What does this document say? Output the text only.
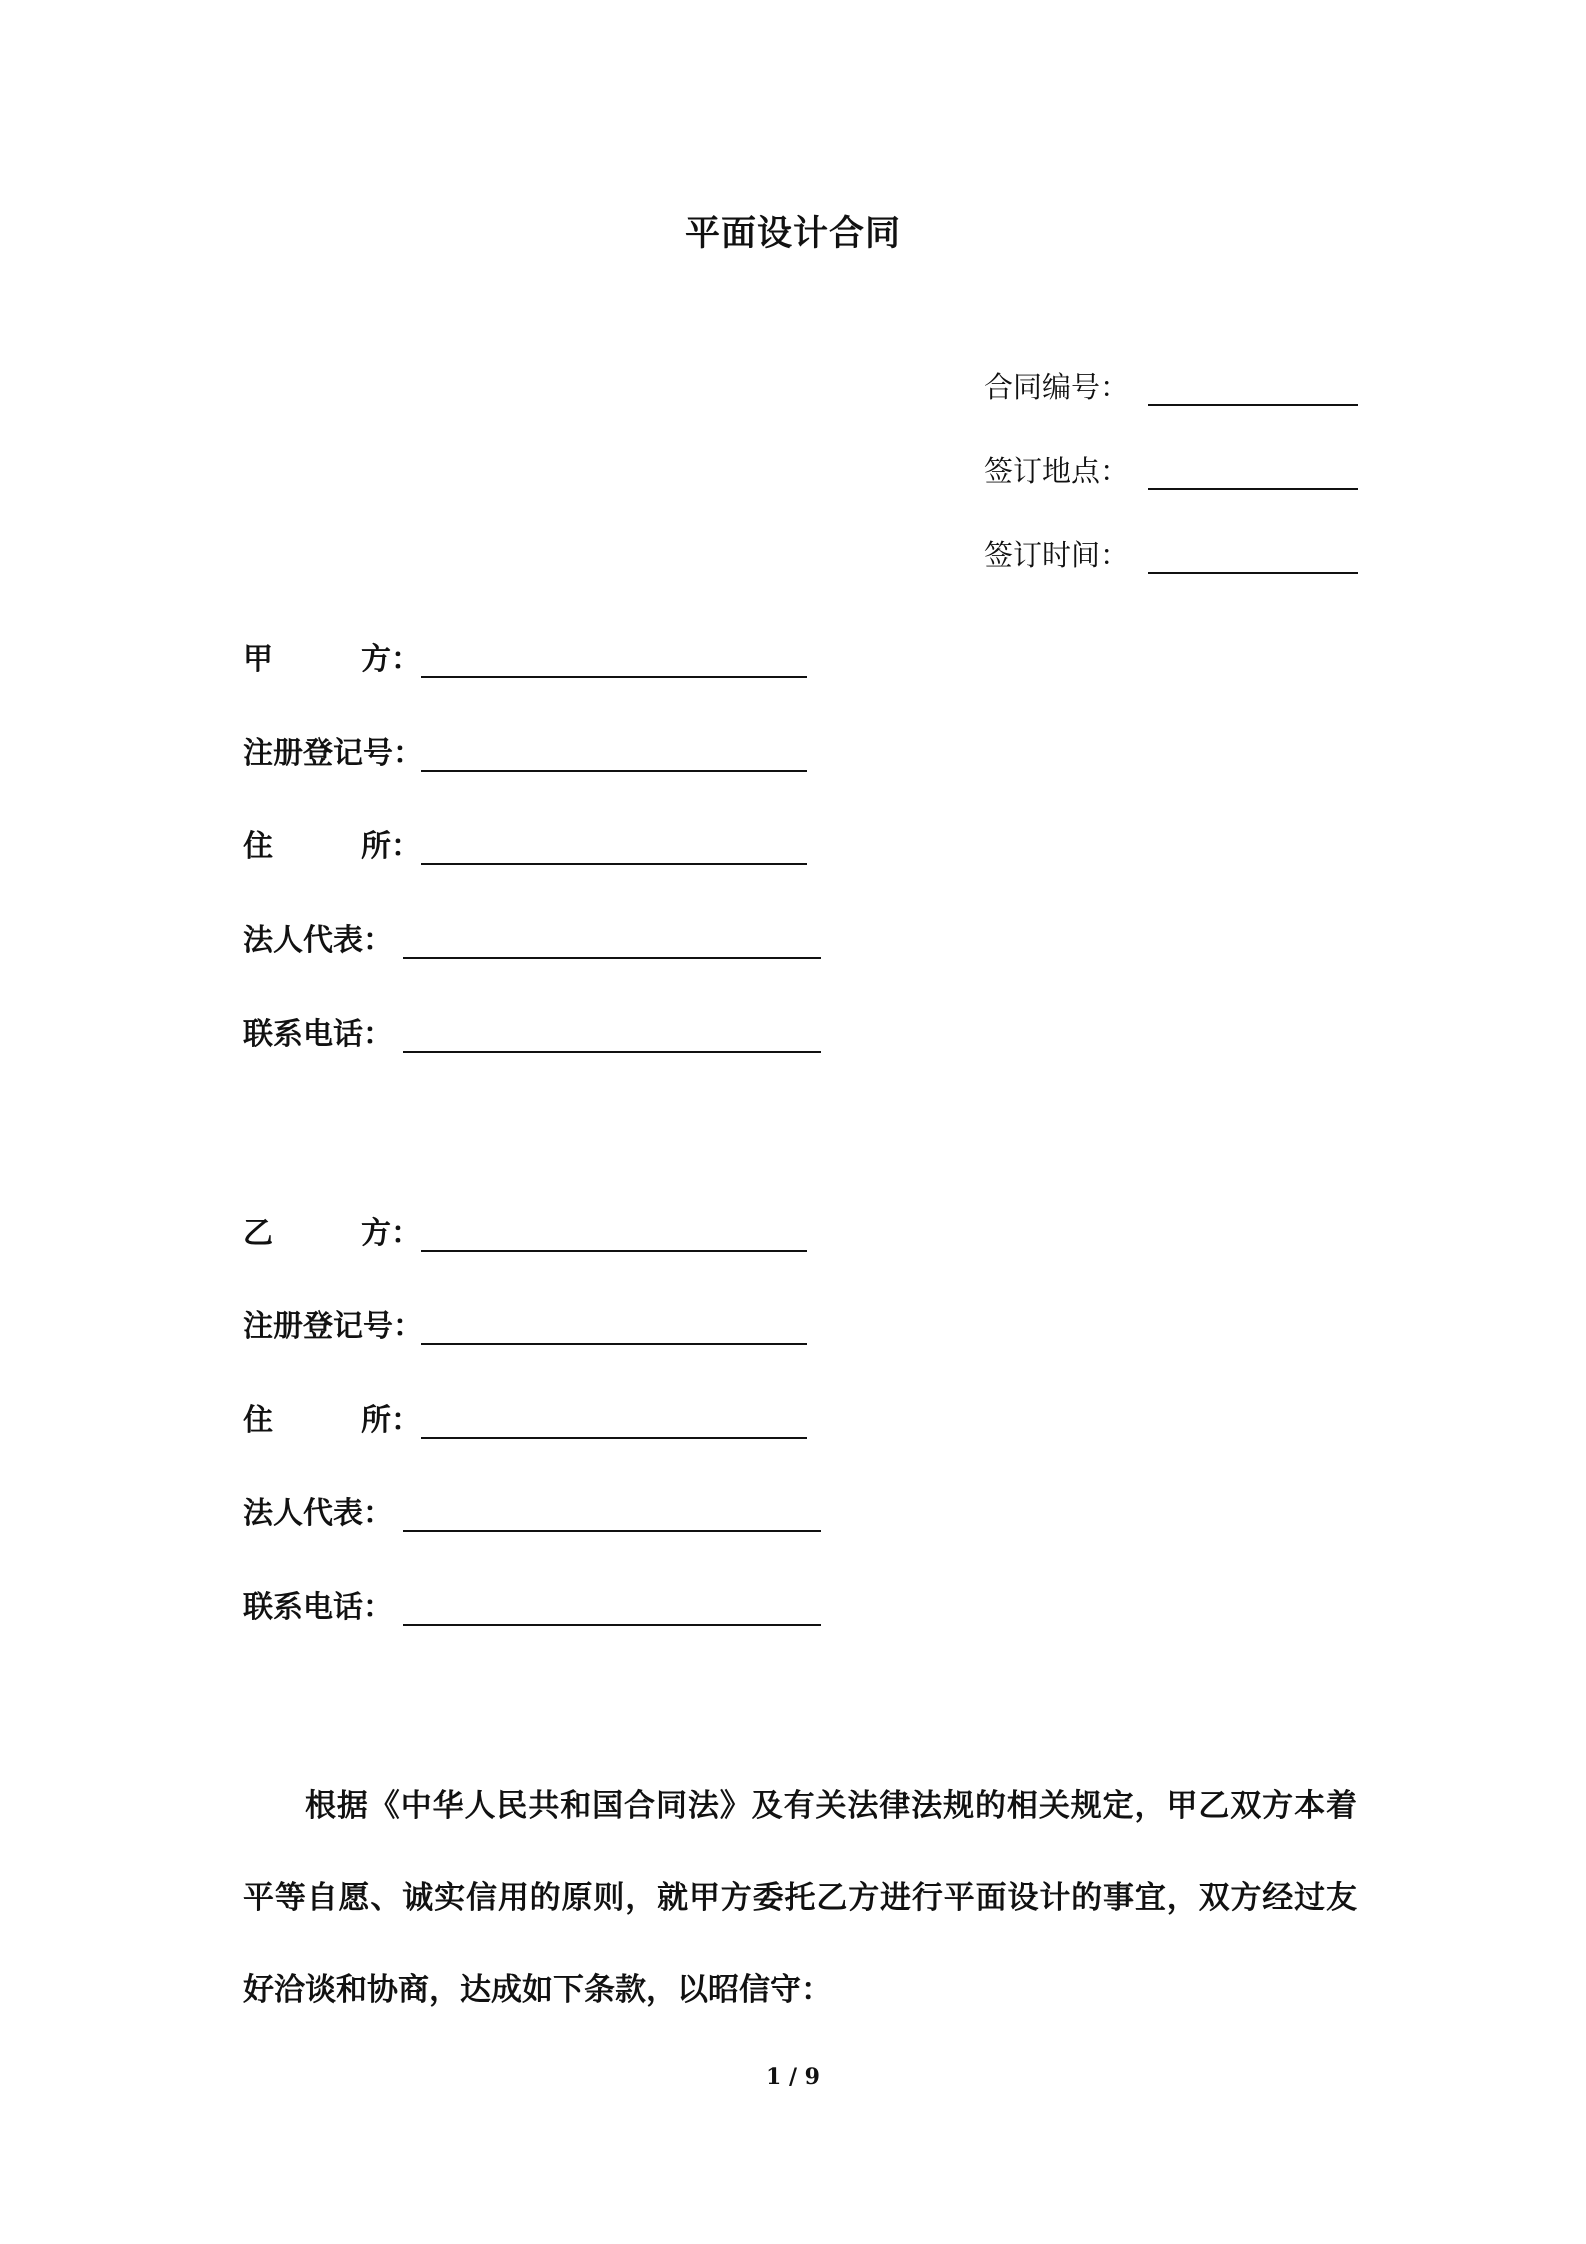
平面设计合同
合同编号：
签订地点：
签订时间：
甲	方：
注册登记号：
住	所：
法人代表：
联系电话：
乙	方：
注册登记号：
住	所：
法人代表：
联系电话：

根据《中华人民共和国合同法》及有关法律法规的相关规定，甲乙双方本着平等自愿、诚实信用的原则，就甲方委托乙方进行平面设计的事宜，双方经过友好洽谈和协商，达成如下条款，以昭信守：

1 / 9
